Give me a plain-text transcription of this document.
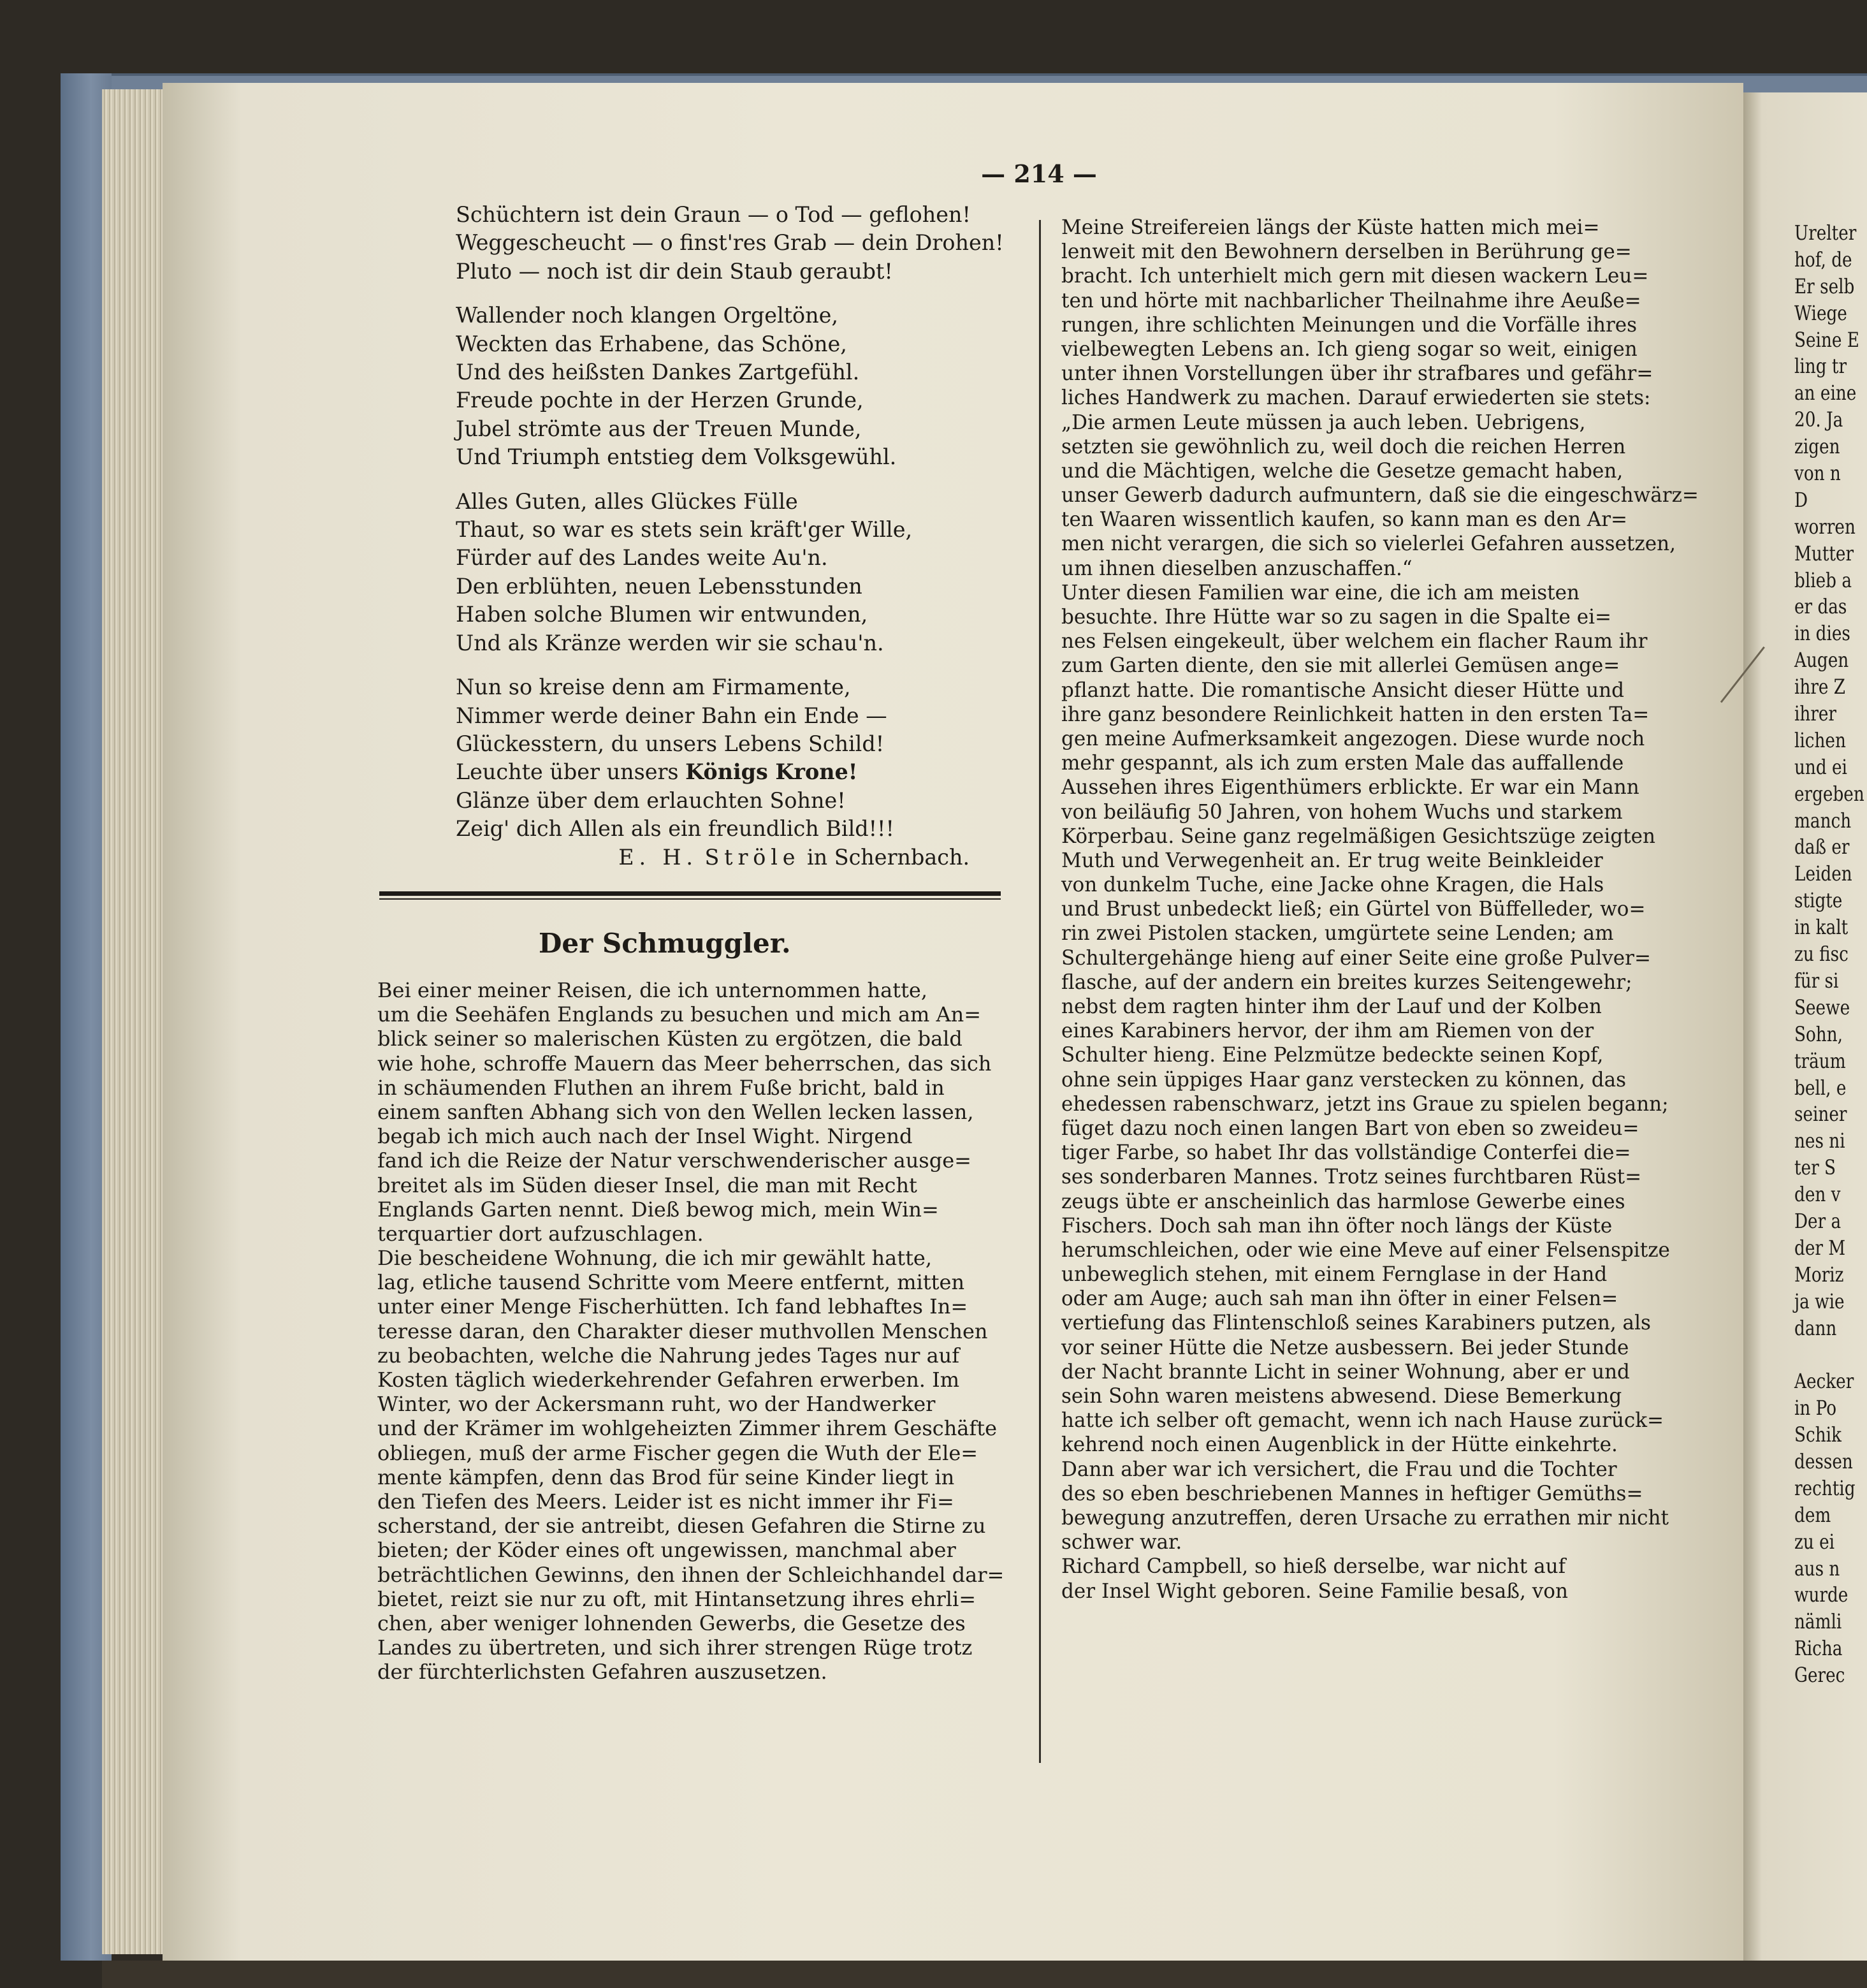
— 214 —
Schüchtern ist dein Graun — o Tod — geflohen!
Weggescheucht — o finst'res Grab — dein Drohen!
Pluto — noch ist dir dein Staub geraubt!
Wallender noch klangen Orgeltöne,
Weckten das Erhabene, das Schöne,
Und des heißsten Dankes Zartgefühl.
Freude pochte in der Herzen Grunde,
Jubel strömte aus der Treuen Munde,
Und Triumph entstieg dem Volksgewühl.
Alles Guten, alles Glückes Fülle
Thaut, so war es stets sein kräft'ger Wille,
Fürder auf des Landes weite Au'n.
Den erblühten, neuen Lebensstunden
Haben solche Blumen wir entwunden,
Und als Kränze werden wir sie schau'n.
Nun so kreise denn am Firmamente,
Nimmer werde deiner Bahn ein Ende —
Glückesstern, du unsers Lebens Schild!
Leuchte über unsers Königs Krone!
Glänze über dem erlauchten Sohne!
Zeig' dich Allen als ein freundlich Bild!!!
E. H. Ströle in Schernbach.
Der Schmuggler.
Bei einer meiner Reisen, die ich unternommen hatte,
um die Seehäfen Englands zu besuchen und mich am An=
blick seiner so malerischen Küsten zu ergötzen, die bald
wie hohe, schroffe Mauern das Meer beherrschen, das sich
in schäumenden Fluthen an ihrem Fuße bricht, bald in
einem sanften Abhang sich von den Wellen lecken lassen,
begab ich mich auch nach der Insel Wight. Nirgend
fand ich die Reize der Natur verschwenderischer ausge=
breitet als im Süden dieser Insel, die man mit Recht
Englands Garten nennt. Dieß bewog mich, mein Win=
terquartier dort aufzuschlagen.
Die bescheidene Wohnung, die ich mir gewählt hatte,
lag, etliche tausend Schritte vom Meere entfernt, mitten
unter einer Menge Fischerhütten. Ich fand lebhaftes In=
teresse daran, den Charakter dieser muthvollen Menschen
zu beobachten, welche die Nahrung jedes Tages nur auf
Kosten täglich wiederkehrender Gefahren erwerben. Im
Winter, wo der Ackersmann ruht, wo der Handwerker
und der Krämer im wohlgeheizten Zimmer ihrem Geschäfte
obliegen, muß der arme Fischer gegen die Wuth der Ele=
mente kämpfen, denn das Brod für seine Kinder liegt in
den Tiefen des Meers. Leider ist es nicht immer ihr Fi=
scherstand, der sie antreibt, diesen Gefahren die Stirne zu
bieten; der Köder eines oft ungewissen, manchmal aber
beträchtlichen Gewinns, den ihnen der Schleichhandel dar=
bietet, reizt sie nur zu oft, mit Hintansetzung ihres ehrli=
chen, aber weniger lohnenden Gewerbs, die Gesetze des
Landes zu übertreten, und sich ihrer strengen Rüge trotz
der fürchterlichsten Gefahren auszusetzen.
Meine Streifereien längs der Küste hatten mich mei=
lenweit mit den Bewohnern derselben in Berührung ge=
bracht. Ich unterhielt mich gern mit diesen wackern Leu=
ten und hörte mit nachbarlicher Theilnahme ihre Aeuße=
rungen, ihre schlichten Meinungen und die Vorfälle ihres
vielbewegten Lebens an. Ich gieng sogar so weit, einigen
unter ihnen Vorstellungen über ihr strafbares und gefähr=
liches Handwerk zu machen. Darauf erwiederten sie stets:
„Die armen Leute müssen ja auch leben. Uebrigens,
setzten sie gewöhnlich zu, weil doch die reichen Herren
und die Mächtigen, welche die Gesetze gemacht haben,
unser Gewerb dadurch aufmuntern, daß sie die eingeschwärz=
ten Waaren wissentlich kaufen, so kann man es den Ar=
men nicht verargen, die sich so vielerlei Gefahren aussetzen,
um ihnen dieselben anzuschaffen.“
Unter diesen Familien war eine, die ich am meisten
besuchte. Ihre Hütte war so zu sagen in die Spalte ei=
nes Felsen eingekeult, über welchem ein flacher Raum ihr
zum Garten diente, den sie mit allerlei Gemüsen ange=
pflanzt hatte. Die romantische Ansicht dieser Hütte und
ihre ganz besondere Reinlichkeit hatten in den ersten Ta=
gen meine Aufmerksamkeit angezogen. Diese wurde noch
mehr gespannt, als ich zum ersten Male das auffallende
Aussehen ihres Eigenthümers erblickte. Er war ein Mann
von beiläufig 50 Jahren, von hohem Wuchs und starkem
Körperbau. Seine ganz regelmäßigen Gesichtszüge zeigten
Muth und Verwegenheit an. Er trug weite Beinkleider
von dunkelm Tuche, eine Jacke ohne Kragen, die Hals
und Brust unbedeckt ließ; ein Gürtel von Büffelleder, wo=
rin zwei Pistolen stacken, umgürtete seine Lenden; am
Schultergehänge hieng auf einer Seite eine große Pulver=
flasche, auf der andern ein breites kurzes Seitengewehr;
nebst dem ragten hinter ihm der Lauf und der Kolben
eines Karabiners hervor, der ihm am Riemen von der
Schulter hieng. Eine Pelzmütze bedeckte seinen Kopf,
ohne sein üppiges Haar ganz verstecken zu können, das
ehedessen rabenschwarz, jetzt ins Graue zu spielen begann;
füget dazu noch einen langen Bart von eben so zweideu=
tiger Farbe, so habet Ihr das vollständige Conterfei die=
ses sonderbaren Mannes. Trotz seines furchtbaren Rüst=
zeugs übte er anscheinlich das harmlose Gewerbe eines
Fischers. Doch sah man ihn öfter noch längs der Küste
herumschleichen, oder wie eine Meve auf einer Felsenspitze
unbeweglich stehen, mit einem Fernglase in der Hand
oder am Auge; auch sah man ihn öfter in einer Felsen=
vertiefung das Flintenschloß seines Karabiners putzen, als
vor seiner Hütte die Netze ausbessern. Bei jeder Stunde
der Nacht brannte Licht in seiner Wohnung, aber er und
sein Sohn waren meistens abwesend. Diese Bemerkung
hatte ich selber oft gemacht, wenn ich nach Hause zurück=
kehrend noch einen Augenblick in der Hütte einkehrte.
Dann aber war ich versichert, die Frau und die Tochter
des so eben beschriebenen Mannes in heftiger Gemüths=
bewegung anzutreffen, deren Ursache zu errathen mir nicht
schwer war.
Richard Campbell, so hieß derselbe, war nicht auf
der Insel Wight geboren. Seine Familie besaß, von
Urelter
hof, de
Er selb
Wiege
Seine E
ling tr
an eine
20. Ja
zigen
von n
D
worren
Mutter
blieb a
er das
in dies
Augen
ihre Z
ihrer
lichen
und ei
ergeben
manch
daß er
Leiden
stigte
in kalt
zu fisc
für si
Seewe
Sohn,
träum
bell, e
seiner
nes ni
ter S
den v
Der a
der M
Moriz
ja wie
dann
Aecker
in Po
Schik
dessen
rechtig
dem
zu ei
aus n
wurde
nämli
Richa
Gerec
